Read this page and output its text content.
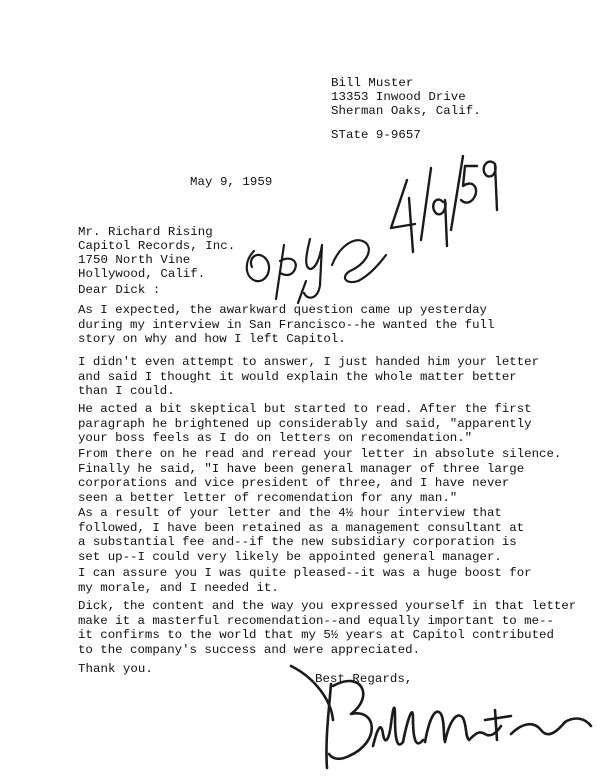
Bill Muster
13353 Inwood Drive
Sherman Oaks, Calif.
STate 9-9657
May 9, 1959
Mr. Richard Rising
Capitol Records, Inc.
1750 North Vine
Hollywood, Calif.
Dear Dick :
As I expected, the awarkward question came up yesterday
during my interview in San Francisco--he wanted the full
story on why and how I left Capitol.
I didn't even attempt to answer, I just handed him your letter
and said I thought it would explain the whole matter better
than I could.
He acted a bit skeptical but started to read. After the first
paragraph he brightened up considerably and said, "apparently
your boss feels as I do on letters on recomendation."
From there on he read and reread your letter in absolute silence.
Finally he said, "I have been general manager of three large
corporations and vice president of three, and I have never
seen a better letter of recomendation for any man."
As a result of your letter and the 4½ hour interview that
followed, I have been retained as a management consultant at
a substantial fee and--if the new subsidiary corporation is
set up--I could very likely be appointed general manager.
I can assure you I was quite pleased--it was a huge boost for
my morale, and I needed it.
Dick, the content and the way you expressed yourself in that letter
make it a masterful recomendation--and equally important to me--
it confirms to the world that my 5½ years at Capitol contributed
to the company's success and were appreciated.
Thank you.
Best Regards,
